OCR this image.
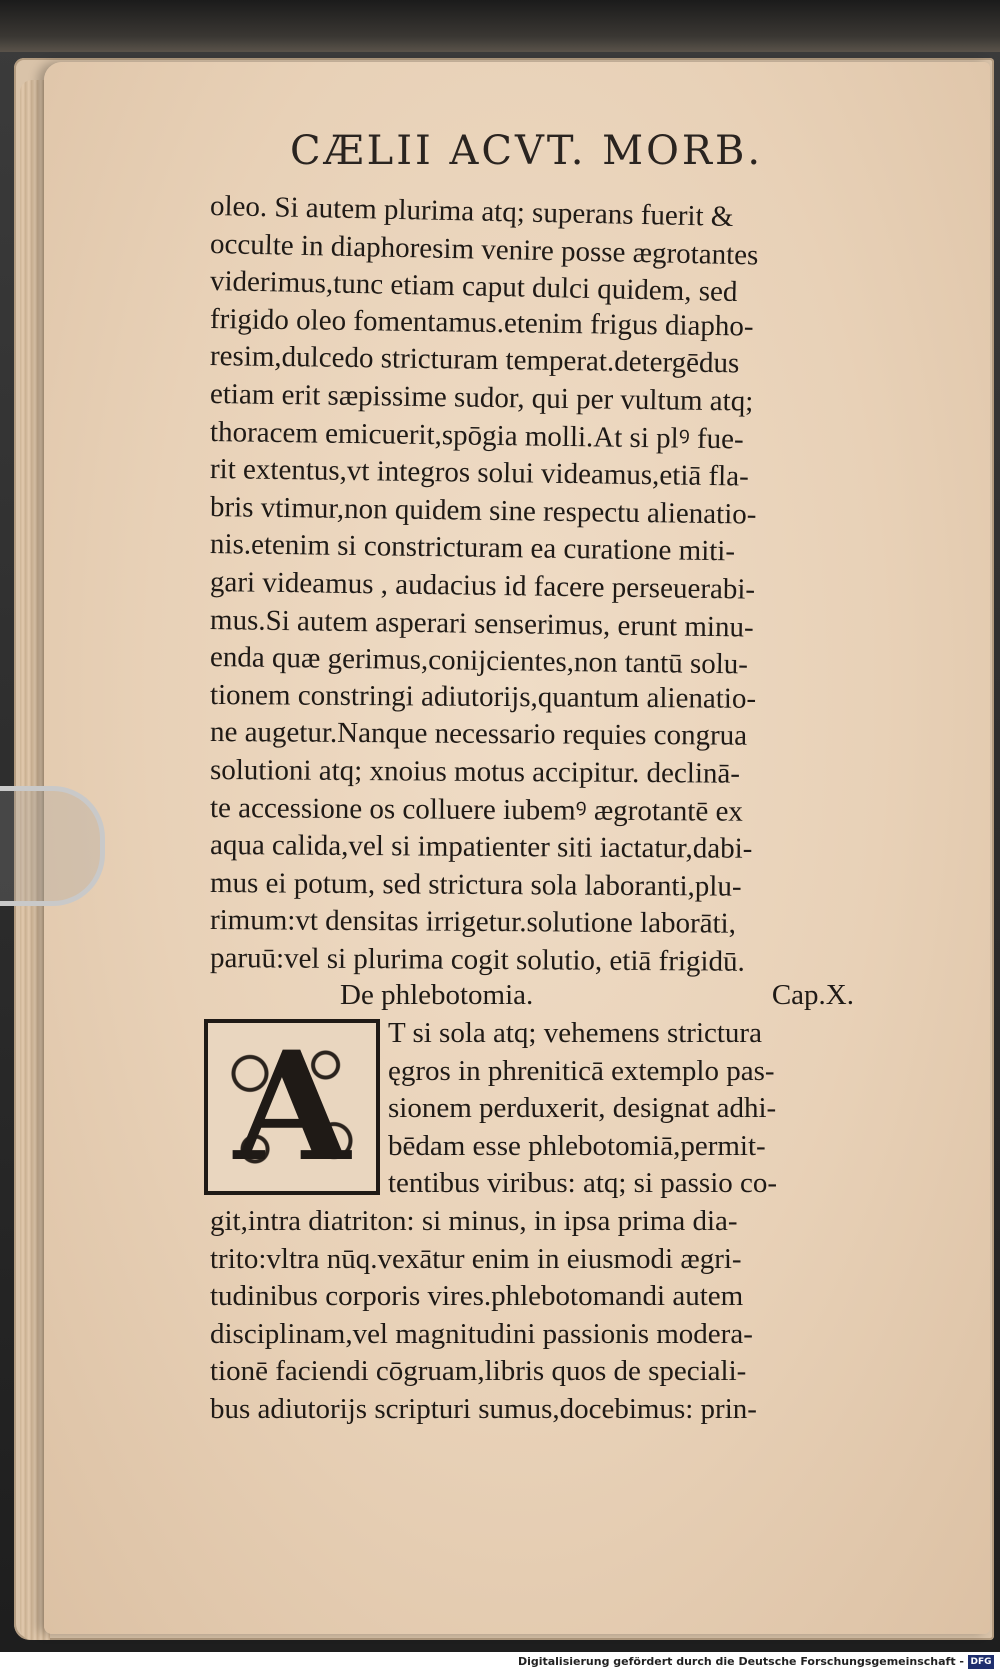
CÆLII ACVT. MORB.
oleo. Si autem plurima atq; superans fuerit &
occulte in diaphoresim venire posse ægrotantes
viderimus,tunc etiam caput dulci quidem, sed
frigido oleo fomentamus.etenim frigus diapho-
resim,dulcedo stricturam temperat.detergēdus
etiam erit sæpissime sudor, qui per vultum atq;
thoracem emicuerit,spōgia molli.At si plꝰ fue-
rit extentus,vt integros solui videamus,etiā fla-
bris vtimur,non quidem sine respectu alienatio-
nis.etenim si constricturam ea curatione miti-
gari videamus , audacius id facere perseuerabi-
mus.Si autem asperari senserimus, erunt minu-
enda quæ gerimus,conijcientes,non tantū solu-
tionem constringi adiutorijs,quantum alienatio-
ne augetur.Nanque necessario requies congrua
solutioni atq; xnoius motus accipitur. declinā-
te accessione os colluere iubemꝰ ægrotantē ex
aqua calida,vel si impatienter siti iactatur,dabi-
mus ei potum, sed strictura sola laboranti,plu-
rimum:vt densitas irrigetur.solutione laborāti,
paruū:vel si plurima cogit solutio, etiā frigidū.
De phlebotomia.	Cap.X.
A	T si sola atq; vehemens strictura
ęgros in phreniticā extemplo pas-
sionem perduxerit, designat adhi-
bēdam esse phlebotomiā,permit-
tentibus viribus: atq; si passio co-
git,intra diatriton: si minus, in ipsa prima dia-
trito:vltra nūq.vexātur enim in eiusmodi ægri-
tudinibus corporis vires.phlebotomandi autem
disciplinam,vel magnitudini passionis modera-
tionē faciendi cōgruam,libris quos de speciali-
bus adiutorijs scripturi sumus,docebimus: prin-
Digitalisierung gefördert durch die Deutsche Forschungsgemeinschaft - DFG
